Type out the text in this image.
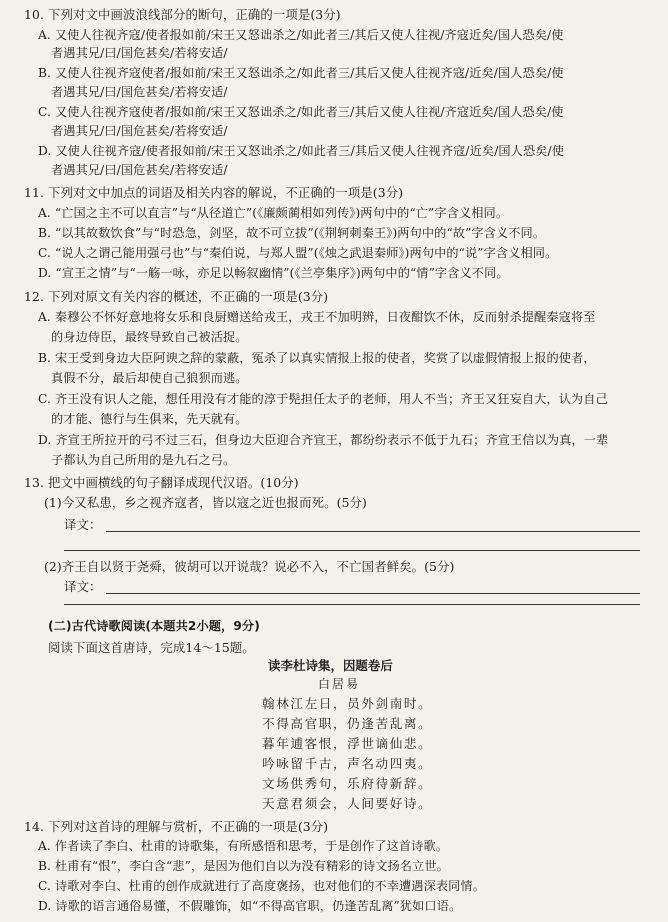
10. 下列对文中画波浪线部分的断句，正确的一项是(3分)
A. 又使人往视齐寇/使者报如前/宋王又怒诎杀之/如此者三/其后又使人往视/齐寇近矣/国人恐矣/使
者遇其兄/曰/国危甚矣/若将安适/
B. 又使人往视齐寇使者/报如前/宋王又怒诎杀之/如此者三/其后又使人往视齐寇/近矣/国人恐矣/使
者遇其兄/曰/国危甚矣/若将安适/
C. 又使人往视齐寇使者/报如前/宋王又怒诎杀之/如此者三/其后又使人往视/齐寇近矣/国人恐矣/使
者遇其兄/曰/国危甚矣/若将安适/
D. 又使人往视齐寇/使者报如前/宋王又怒诎杀之/如此者三/其后又使人往视齐寇/近矣/国人恐矣/使
者遇其兄/曰/国危甚矣/若将安适/
11. 下列对文中加点的词语及相关内容的解说，不正确的一项是(3分)
A. “亡国之主不可以直言”与“从径道亡”(《廉颇蔺相如列传》)两句中的“亡”字含义相同。
B. “以其故数饮食”与“时恐急，剑坚，故不可立拔”(《荆轲刺秦王》)两句中的“故”字含义不同。
C. “说人之谓己能用强弓也”与“秦伯说，与郑人盟”(《烛之武退秦师》)两句中的“说”字含义相同。
D. “宣王之情”与“一觞一咏，亦足以畅叙幽情”(《兰亭集序》)两句中的“情”字含义不同。
12. 下列对原文有关内容的概述，不正确的一项是(3分)
A. 秦穆公不怀好意地将女乐和良厨赠送给戎王，戎王不加明辨，日夜酣饮不休，反而射杀提醒秦寇将至
的身边侍臣，最终导致自己被活捉。
B. 宋王受到身边大臣阿谀之辞的蒙蔽，冤杀了以真实情报上报的使者，奖赏了以虚假情报上报的使者，
真假不分，最后却使自己狼狈而逃。
C. 齐王没有识人之能，想任用没有才能的淳于髡担任太子的老师，用人不当；齐王又狂妄自大，认为自己
的才能、德行与生俱来，先天就有。
D. 齐宣王所拉开的弓不过三石，但身边大臣迎合齐宣王，都纷纷表示不低于九石；齐宣王信以为真，一辈
子都认为自己所用的是九石之弓。
13. 把文中画横线的句子翻译成现代汉语。(10分)
(1)今又私患，乡之视齐寇者，皆以寇之近也报而死。(5分)
译文：
(2)齐王自以贤于尧舜，彼胡可以开说哉？说必不入，不亡国者鲜矣。(5分)
译文：
(二)古代诗歌阅读(本题共2小题，9分)
阅读下面这首唐诗，完成14～15题。
读李杜诗集，因题卷后
白居易
翰林江左日，员外剑南时。
不得高官职，仍逢苦乱离。
暮年逋客恨，浮世谪仙悲。
吟咏留千古，声名动四夷。
文场供秀句，乐府待新辞。
天意君须会，人间要好诗。
14. 下列对这首诗的理解与赏析，不正确的一项是(3分)
A. 作者读了李白、杜甫的诗歌集，有所感悟和思考，于是创作了这首诗歌。
B. 杜甫有“恨”，李白含“悲”，是因为他们自以为没有精彩的诗文扬名立世。
C. 诗歌对李白、杜甫的创作成就进行了高度褒扬，也对他们的不幸遭遇深表同情。
D. 诗歌的语言通俗易懂，不假雕饰，如“不得高官职，仍逢苦乱离”犹如口语。
